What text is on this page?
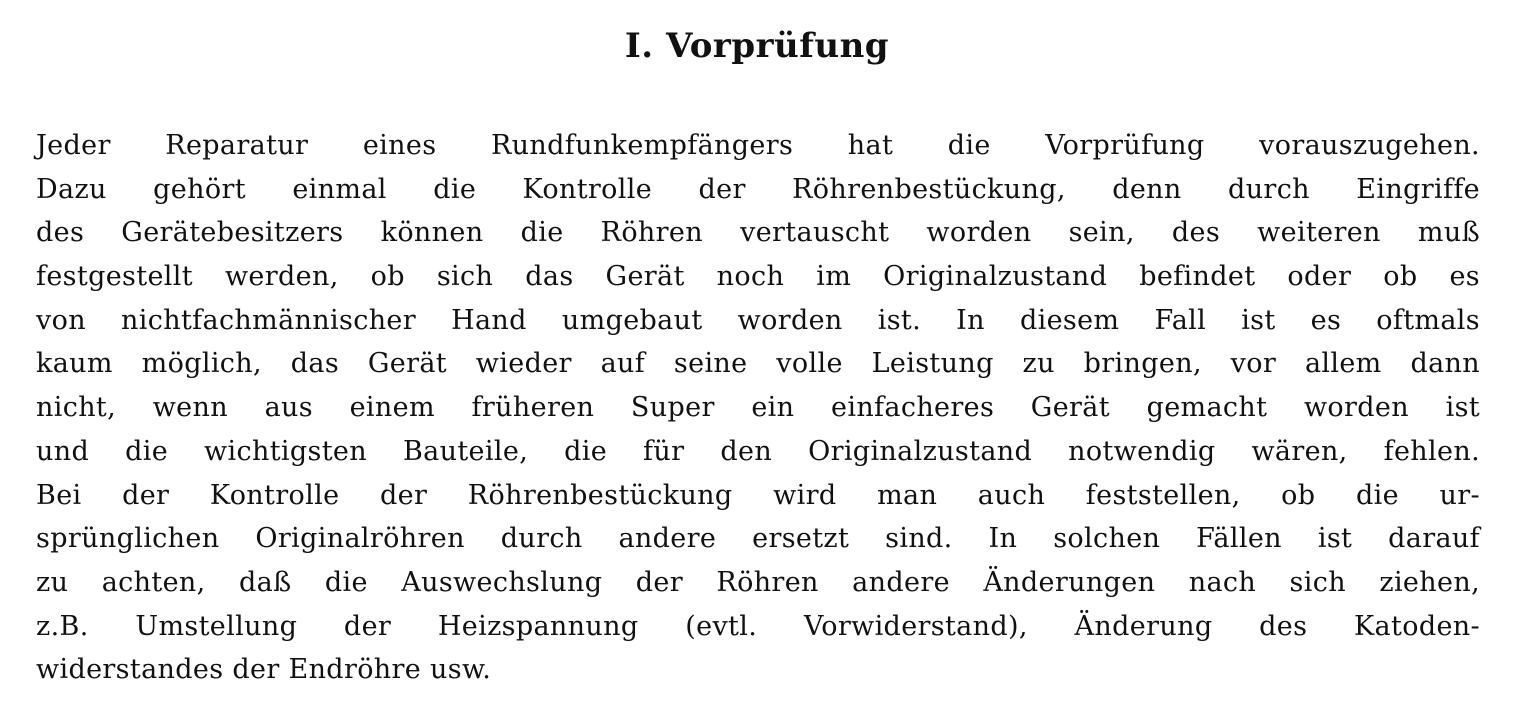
I. Vorprüfung
Jeder Reparatur eines Rundfunkempfängers hat die Vorprüfung vorauszugehen.
Dazu gehört einmal die Kontrolle der Röhrenbestückung, denn durch Eingriffe
des Gerätebesitzers können die Röhren vertauscht worden sein, des weiteren muß
festgestellt werden, ob sich das Gerät noch im Originalzustand befindet oder ob es
von nichtfachmännischer Hand umgebaut worden ist. In diesem Fall ist es oftmals
kaum möglich, das Gerät wieder auf seine volle Leistung zu bringen, vor allem dann
nicht, wenn aus einem früheren Super ein einfacheres Gerät gemacht worden ist
und die wichtigsten Bauteile, die für den Originalzustand notwendig wären, fehlen.
Bei der Kontrolle der Röhrenbestückung wird man auch feststellen, ob die ur-
sprünglichen Originalröhren durch andere ersetzt sind. In solchen Fällen ist darauf
zu achten, daß die Auswechslung der Röhren andere Änderungen nach sich ziehen,
z.B. Umstellung der Heizspannung (evtl. Vorwiderstand), Änderung des Katoden-
widerstandes der Endröhre usw.
